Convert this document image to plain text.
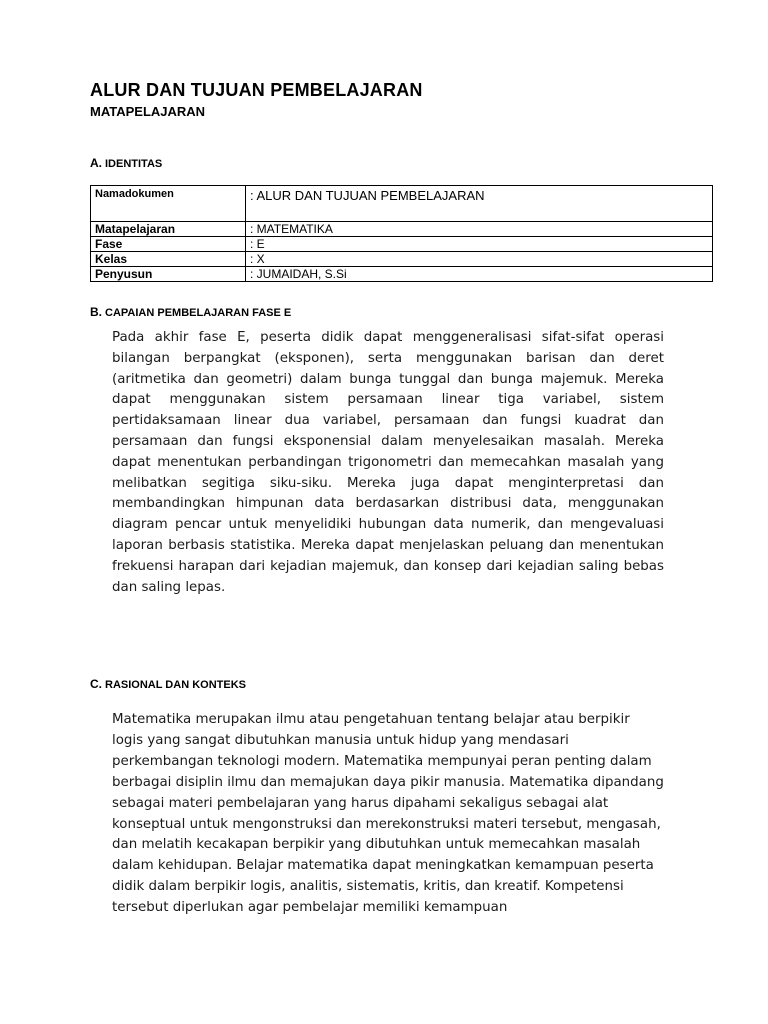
ALUR DAN TUJUAN PEMBELAJARAN
MATAPELAJARAN
A. IDENTITAS
Namadokumen	: ALUR DAN TUJUAN PEMBELAJARAN
Matapelajaran	: MATEMATIKA
Fase	: E
Kelas	: X
Penyusun	: JUMAIDAH, S.Si
B. CAPAIAN PEMBELAJARAN FASE E
Pada akhir fase E, peserta didik dapat menggeneralisasi sifat-sifat operasi bilangan berpangkat (eksponen), serta menggunakan barisan dan deret (aritmetika dan geometri) dalam bunga tunggal dan bunga majemuk. Mereka dapat menggunakan sistem persamaan linear tiga variabel, sistem pertidaksamaan linear dua variabel, persamaan dan fungsi kuadrat dan persamaan dan fungsi eksponensial dalam menyelesaikan masalah. Mereka dapat menentukan perbandingan trigonometri dan memecahkan masalah yang melibatkan segitiga siku-siku. Mereka juga dapat menginterpretasi dan membandingkan himpunan data berdasarkan distribusi data, menggunakan diagram pencar untuk menyelidiki hubungan data numerik, dan mengevaluasi laporan berbasis statistika. Mereka dapat menjelaskan peluang dan menentukan frekuensi harapan dari kejadian majemuk, dan konsep dari kejadian saling bebas dan saling lepas.
C. RASIONAL DAN KONTEKS
Matematika merupakan ilmu atau pengetahuan tentang belajar atau berpikir logis yang sangat dibutuhkan manusia untuk hidup yang mendasari perkembangan teknologi modern. Matematika mempunyai peran penting dalam berbagai disiplin ilmu dan memajukan daya pikir manusia. Matematika dipandang sebagai materi pembelajaran yang harus dipahami sekaligus sebagai alat konseptual untuk mengonstruksi dan merekonstruksi materi tersebut, mengasah, dan melatih kecakapan berpikir yang dibutuhkan untuk memecahkan masalah dalam kehidupan. Belajar matematika dapat meningkatkan kemampuan peserta didik dalam berpikir logis, analitis, sistematis, kritis, dan kreatif. Kompetensi tersebut diperlukan agar pembelajar memiliki kemampuan
